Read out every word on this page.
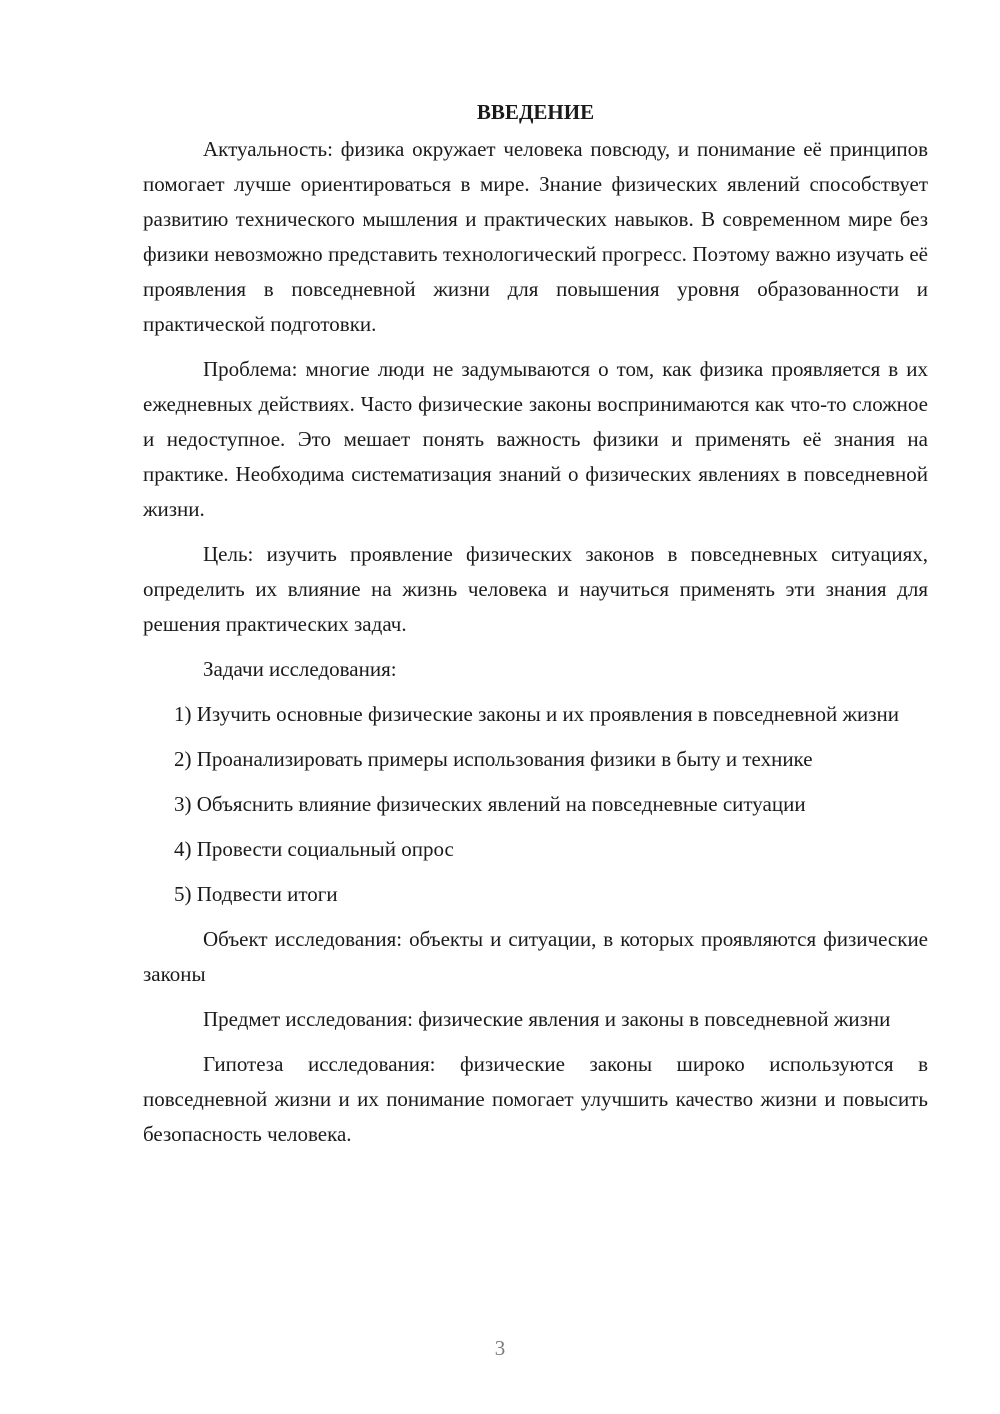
ВВЕДЕНИЕ

Актуальность: физика окружает человека повсюду, и понимание её принципов помогает лучше ориентироваться в мире. Знание физических явлений способствует развитию технического мышления и практических навыков. В современном мире без физики невозможно представить технологический прогресс. Поэтому важно изучать её проявления в повседневной жизни для повышения уровня образованности и практической подготовки.

Проблема: многие люди не задумываются о том, как физика проявляется в их ежедневных действиях. Часто физические законы воспринимаются как что-то сложное и недоступное. Это мешает понять важность физики и применять её знания на практике. Необходима систематизация знаний о физических явлениях в повседневной жизни.

Цель: изучить проявление физических законов в повседневных ситуациях, определить их влияние на жизнь человека и научиться применять эти знания для решения практических задач.

Задачи исследования:

1) Изучить основные физические законы и их проявления в повседневной жизни

2) Проанализировать примеры использования физики в быту и технике

3) Объяснить влияние физических явлений на повседневные ситуации

4) Провести социальный опрос

5) Подвести итоги

Объект исследования: объекты и ситуации, в которых проявляются физические законы

Предмет исследования: физические явления и законы в повседневной жизни

Гипотеза исследования: физические законы широко используются в повседневной жизни и их понимание помогает улучшить качество жизни и повысить безопасность человека.

3
